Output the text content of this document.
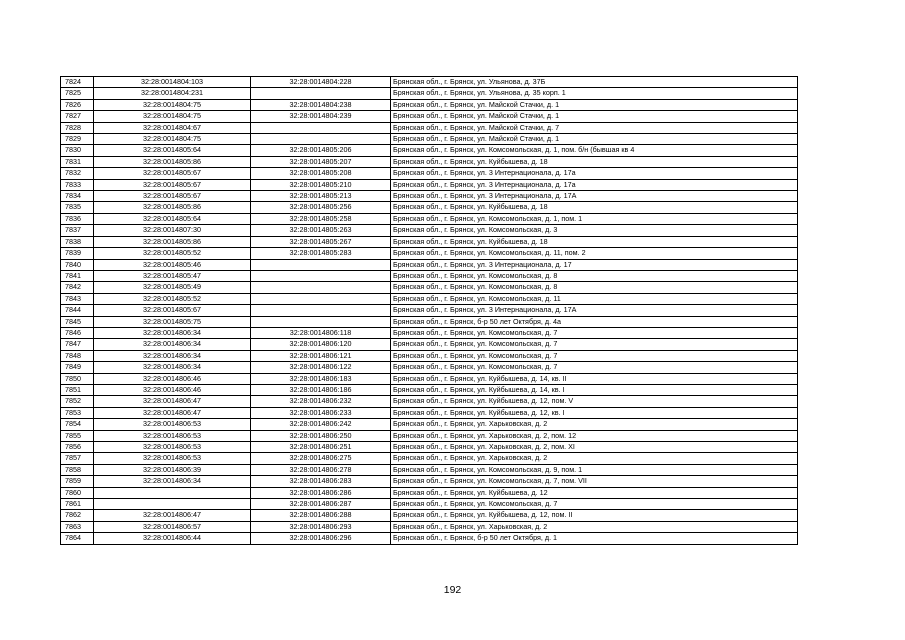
7824	32:28:0014804:103	32:28:0014804:228	Брянская обл., г. Брянск, ул. Ульянова, д. 37Б
7825	32:28:0014804:231		Брянская обл., г. Брянск, ул. Ульянова, д. 35 корп. 1
7826	32:28:0014804:75	32:28:0014804:238	Брянская обл., г. Брянск, ул. Майской Стачки, д. 1
7827	32:28:0014804:75	32:28:0014804:239	Брянская обл., г. Брянск, ул. Майской Стачки, д. 1
7828	32:28:0014804:67		Брянская обл., г. Брянск, ул. Майской Стачки, д. 7
7829	32:28:0014804:75		Брянская обл., г. Брянск, ул. Майской Стачки, д. 1
7830	32:28:0014805:64	32:28:0014805:206	Брянская обл., г. Брянск, ул. Комсомольская, д. 1, пом. б/н (бывшая кв 4
7831	32:28:0014805:86	32:28:0014805:207	Брянская обл., г. Брянск, ул. Куйбышева, д. 18
7832	32:28:0014805:67	32:28:0014805:208	Брянская обл., г. Брянск, ул. 3 Интернационала, д. 17а
7833	32:28:0014805:67	32:28:0014805:210	Брянская обл., г. Брянск, ул. 3 Интернационала, д. 17а
7834	32:28:0014805:67	32:28:0014805:213	Брянская обл., г. Брянск, ул. 3 Интернационала, д. 17А
7835	32:28:0014805:86	32:28:0014805:256	Брянская обл., г. Брянск, ул. Куйбышева, д. 18
7836	32:28:0014805:64	32:28:0014805:258	Брянская обл., г. Брянск, ул. Комсомольская, д. 1, пом. 1
7837	32:28:0014807:30	32:28:0014805:263	Брянская обл., г. Брянск, ул. Комсомольская, д. 3
7838	32:28:0014805:86	32:28:0014805:267	Брянская обл., г. Брянск, ул. Куйбышева, д. 18
7839	32:28:0014805:52	32:28:0014805:283	Брянская обл., г. Брянск, ул. Комсомольская, д. 11, пом. 2
7840	32:28:0014805:46		Брянская обл., г. Брянск, ул. 3 Интернационала, д. 17
7841	32:28:0014805:47		Брянская обл., г. Брянск, ул. Комсомольская, д. 8
7842	32:28:0014805:49		Брянская обл., г. Брянск, ул. Комсомольская, д. 8
7843	32:28:0014805:52		Брянская обл., г. Брянск, ул. Комсомольская, д. 11
7844	32:28:0014805:67		Брянская обл., г. Брянск, ул. 3 Интернационала, д. 17А
7845	32:28:0014805:75		Брянская обл., г. Брянск, б-р 50 лет Октября, д. 4а
7846	32:28:0014806:34	32:28:0014806:118	Брянская обл., г. Брянск, ул. Комсомольская, д. 7
7847	32:28:0014806:34	32:28:0014806:120	Брянская обл., г. Брянск, ул. Комсомольская, д. 7
7848	32:28:0014806:34	32:28:0014806:121	Брянская обл., г. Брянск, ул. Комсомольская, д. 7
7849	32:28:0014806:34	32:28:0014806:122	Брянская обл., г. Брянск, ул. Комсомольская, д. 7
7850	32:28:0014806:46	32:28:0014806:183	Брянская обл., г. Брянск, ул. Куйбышева, д. 14, кв. II
7851	32:28:0014806:46	32:28:0014806:186	Брянская обл., г. Брянск, ул. Куйбышева, д. 14, кв. I
7852	32:28:0014806:47	32:28:0014806:232	Брянская обл., г. Брянск, ул. Куйбышева, д. 12, пом. V
7853	32:28:0014806:47	32:28:0014806:233	Брянская обл., г. Брянск, ул. Куйбышева, д. 12, кв. I
7854	32:28:0014806:53	32:28:0014806:242	Брянская обл., г. Брянск, ул. Харьковская, д. 2
7855	32:28:0014806:53	32:28:0014806:250	Брянская обл., г. Брянск, ул. Харьковская, д. 2, пом. 12
7856	32:28:0014806:53	32:28:0014806:251	Брянская обл., г. Брянск, ул. Харьковская, д. 2, пом. XI
7857	32:28:0014806:53	32:28:0014806:275	Брянская обл., г. Брянск, ул. Харьковская, д. 2
7858	32:28:0014806:39	32:28:0014806:278	Брянская обл., г. Брянск, ул. Комсомольская, д. 9, пом. 1
7859	32:28:0014806:34	32:28:0014806:283	Брянская обл., г. Брянск, ул. Комсомольская, д. 7, пом. VII
7860		32:28:0014806:286	Брянская обл., г. Брянск, ул. Куйбышева, д. 12
7861		32:28:0014806:287	Брянская обл., г. Брянск, ул. Комсомольская, д. 7
7862	32:28:0014806:47	32:28:0014806:288	Брянская обл., г. Брянск, ул. Куйбышева, д. 12, пом. II
7863	32:28:0014806:57	32:28:0014806:293	Брянская обл., г. Брянск, ул. Харьковская, д. 2
7864	32:28:0014806:44	32:28:0014806:296	Брянская обл., г. Брянск, б-р 50 лет Октября, д. 1
192
